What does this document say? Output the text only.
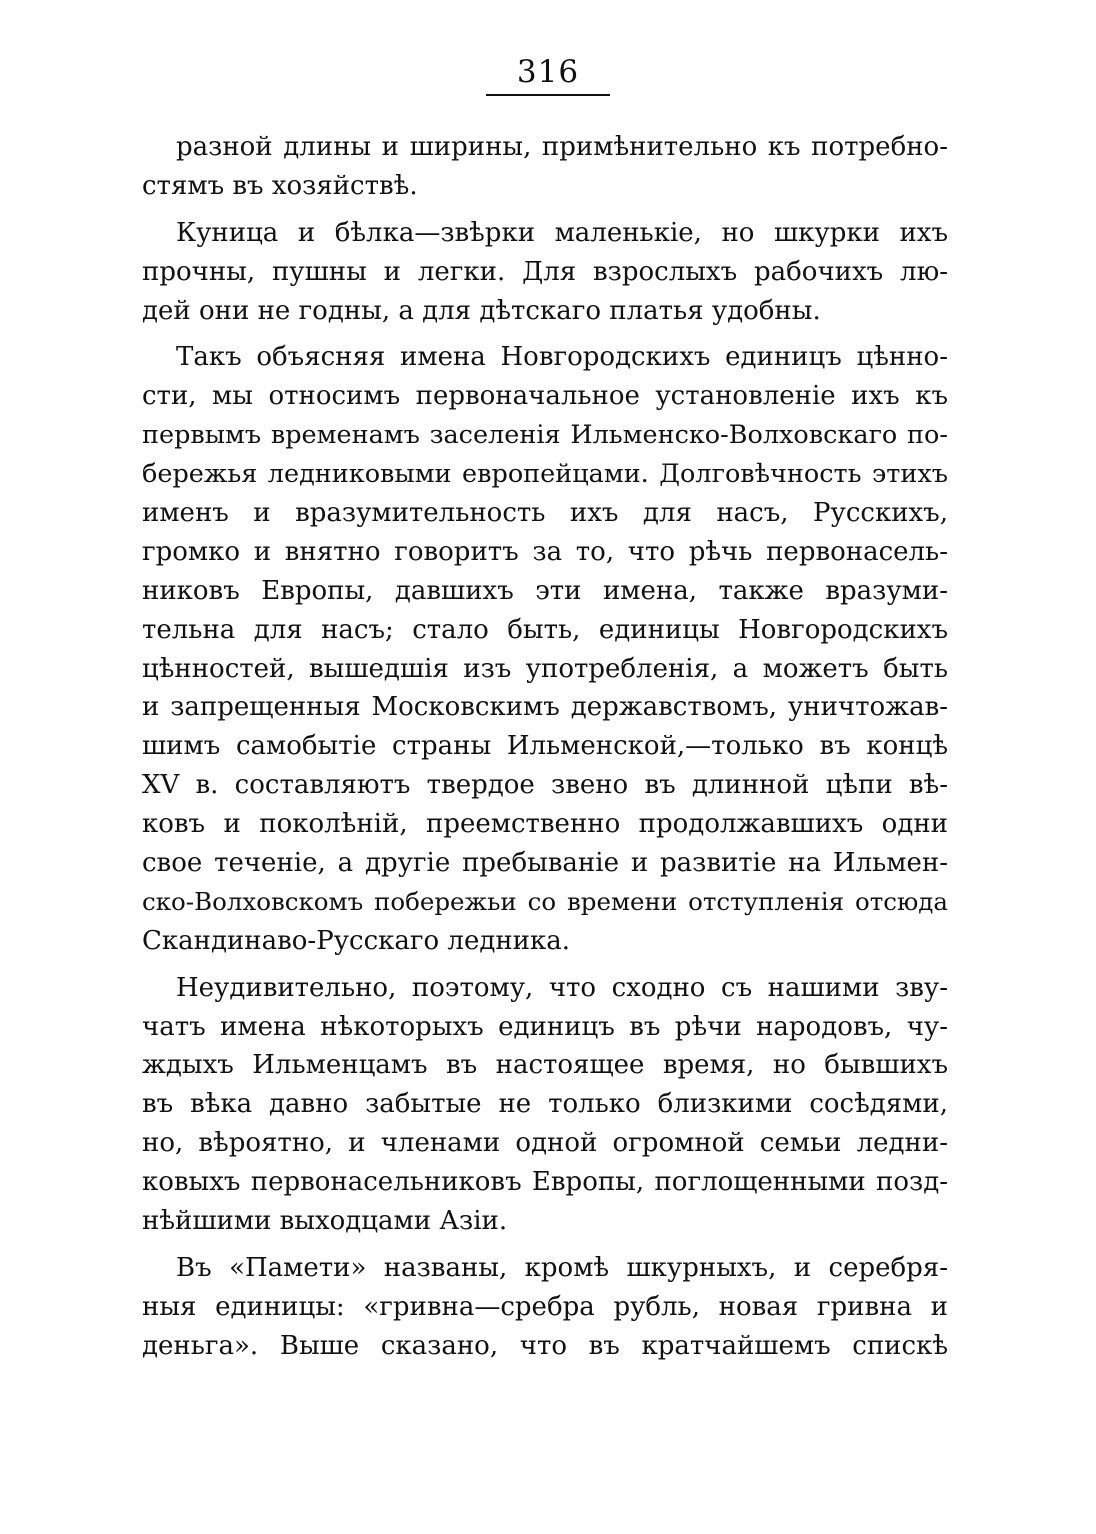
316
разной длины и ширины, примѣнительно къ потребно-
стямъ въ хозяйствѣ.
Куница и бѣлка—звѣрки маленькіе, но шкурки ихъ
прочны, пушны и легки. Для взрослыхъ рабочихъ лю-
дей они не годны, а для дѣтскаго платья удобны.
Такъ объясняя имена Новгородскихъ единицъ цѣнно-
сти, мы относимъ первоначальное установленіе ихъ къ
первымъ временамъ заселенія Ильменско-Волховскаго по-
бережья ледниковыми европейцами. Долговѣчность этихъ
именъ и вразумительность ихъ для насъ, Русскихъ,
громко и внятно говоритъ за то, что рѣчь первонасель-
никовъ Европы, давшихъ эти имена, также вразуми-
тельна для насъ; стало быть, единицы Новгородскихъ
цѣнностей, вышедшія изъ употребленія, а можетъ быть
и запрещенныя Московскимъ державствомъ, уничтожав-
шимъ самобытіе страны Ильменской,—только въ концѣ
XV в. составляютъ твердое звено въ длинной цѣпи вѣ-
ковъ и поколѣній, преемственно продолжавшихъ одни
свое теченіе, а другіе пребываніе и развитіе на Ильмен-
ско-Волховскомъ побережьи со времени отступленія отсюда
Скандинаво-Русскаго ледника.
Неудивительно, поэтому, что сходно съ нашими зву-
чатъ имена нѣкоторыхъ единицъ въ рѣчи народовъ, чу-
ждыхъ Ильменцамъ въ настоящее время, но бывшихъ
въ вѣка давно забытые не только близкими сосѣдями,
но, вѣроятно, и членами одной огромной семьи ледни-
ковыхъ первонасельниковъ Европы, поглощенными позд-
нѣйшими выходцами Азіи.
Въ «Памети» названы, кромѣ шкурныхъ, и серебря-
ныя единицы: «гривна—сребра рубль, новая гривна и
деньга». Выше сказано, что въ кратчайшемъ спискѣ
